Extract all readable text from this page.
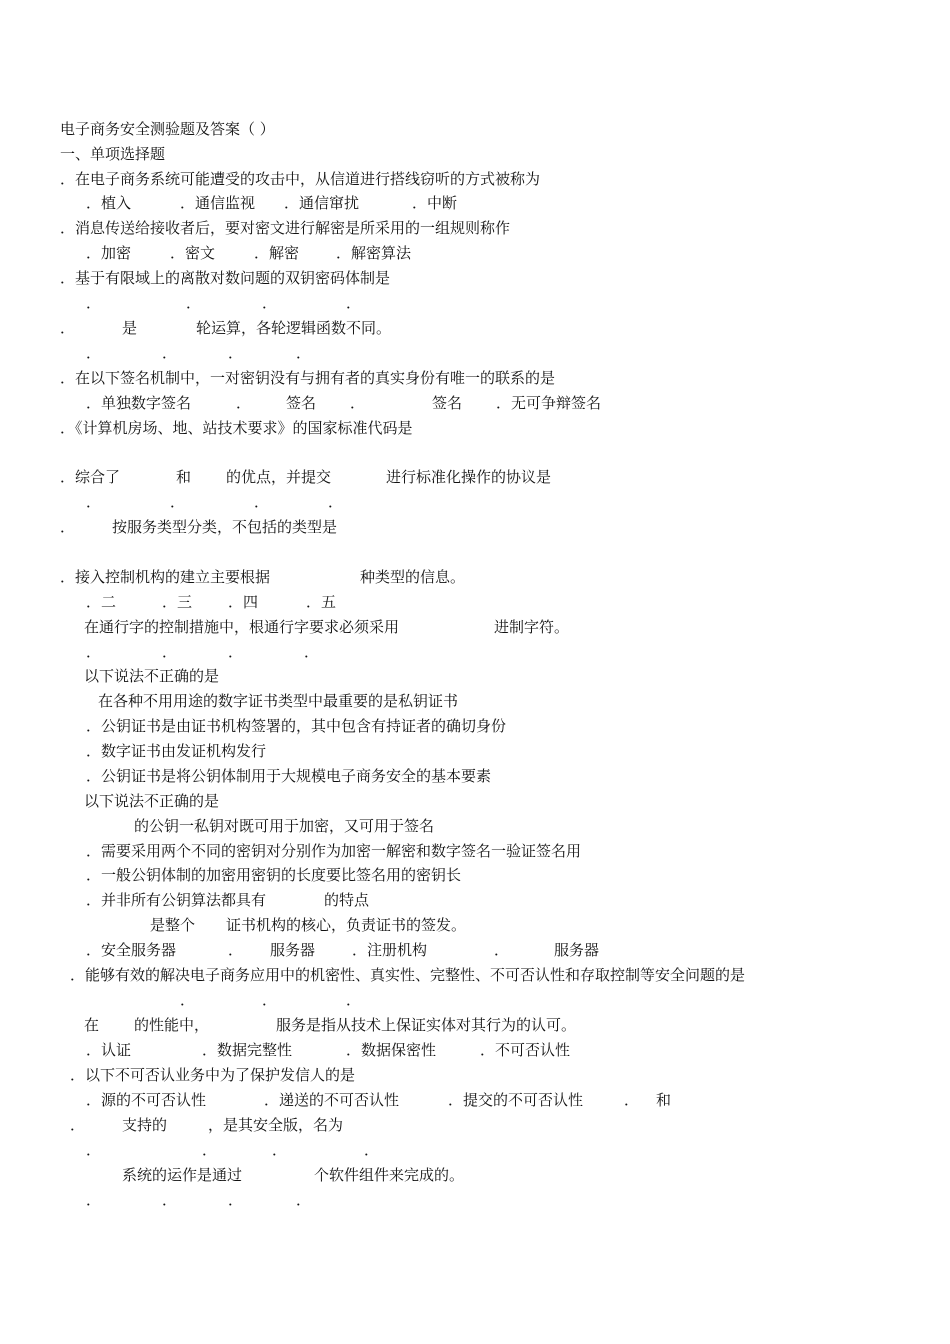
电子商务安全测验题及答案（ ）
一、单项选择题
．在电子商务系统可能遭受的攻击中，从信道进行搭线窃听的方式被称为
．植入	．通信监视 ．通信窜扰	．中断
．消息传送给接收者后，要对密文进行解密是所采用的一组规则称作
．加密	．密文	．解密 ．解密算法
．基于有限域上的离散对数问题的双钥密码体制是
．	．	．	．
．	是	轮运算，各轮逻辑函数不同。
．	．	．	．
．在以下签名机制中，一对密钥没有与拥有者的真实身份有唯一的联系的是
．单独数字签名	． 签名 ．	签名 ．无可争辩签名
．《计算机房场、地、站技术要求》的国家标准代码是
．综合了	和 的优点，并提交	进行标准化操作的协议是
．	．	．	．
． 按服务类型分类，不包括的类型是
．接入控制机构的建立主要根据	种类型的信息。
．二	．三 ．四	．五
在通行字的控制措施中，根通行字要求必须采用	进制字符。
．	．	．	．
以下说法不正确的是
在各种不用用途的数字证书类型中最重要的是私钥证书
．公钥证书是由证书机构签署的，其中包含有持证者的确切身份
．数字证书由发证机构发行
．公钥证书是将公钥体制用于大规模电子商务安全的基本要素
以下说法不正确的是
的公钥一私钥对既可用于加密，又可用于签名
．需要采用两个不同的密钥对分别作为加密一解密和数字签名一验证签名用
．一般公钥体制的加密用密钥的长度要比签名用的密钥长
．并非所有公钥算法都具有	的特点
是整个 证书机构的核心，负责证书的签发。
．安全服务器	． 服务器 ．注册机构	．	服务器
．能够有效的解决电子商务应用中的机密性、真实性、完整性、不可否认性和存取控制等安全问题的是
．	．	．
在 的性能中，	服务是指从技术上保证实体对其行为的认可。
．认证	．数据完整性	．数据保密性	．不可否认性
．以下不可否认业务中为了保护发信人的是
．源的不可否认性	．递送的不可否认性	．提交的不可否认性	． 和
． 支持的	，是其安全版，名为
．	．	．	．
系统的运作是通过	个软件组件来完成的。
．	．	．	．
